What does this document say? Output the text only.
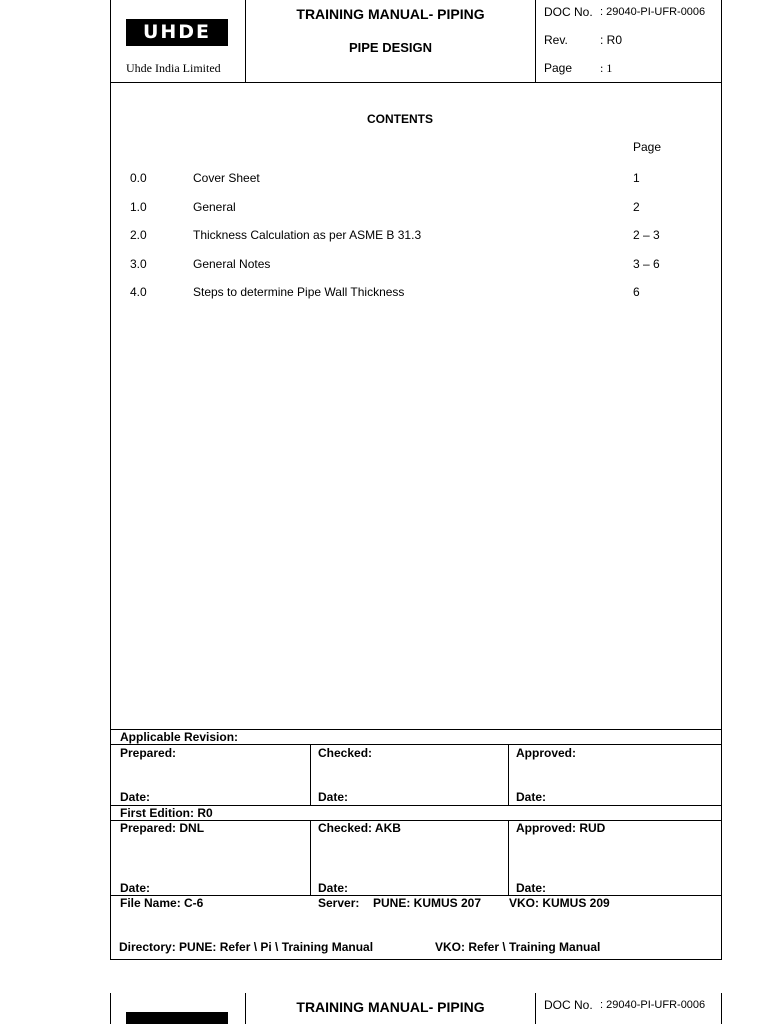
UHDE
Uhde India Limited
TRAINING MANUAL- PIPING
PIPE DESIGN
DOC No. : 29040-PI-UFR-0006
Rev.	: R0
Page : 1
CONTENTS
Page
0.0	Cover Sheet	1
1.0	General	2
2.0	Thickness Calculation as per ASME B 31.3	2 – 3
3.0	General Notes	3 – 6
4.0	Steps to determine Pipe Wall Thickness	6
Applicable Revision:
Prepared:	Checked:	Approved:
Date:	Date:	Date:
First Edition: R0
Prepared: DNL	Checked: AKB	Approved: RUD
Date:	Date:	Date:
File Name: C-6	Server: PUNE: KUMUS 207 VKO: KUMUS 209
Directory: PUNE: Refer \ Pi \ Training Manual	VKO: Refer \ Training Manual
TRAINING MANUAL- PIPING	DOC No. : 29040-PI-UFR-0006
